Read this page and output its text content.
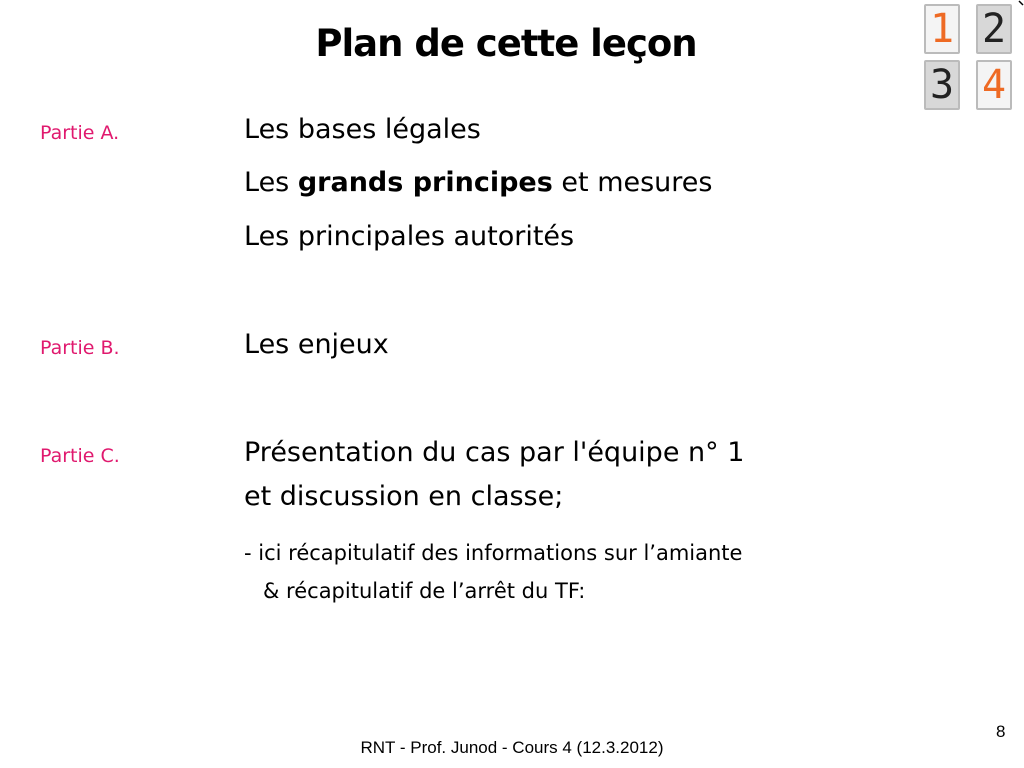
Plan de cette leçon	1 2
3 4
Partie A.	Les bases légales
Les grands principes et mesures
Les principales autorités
Partie B.	Les enjeux
Partie C.	Présentation du cas par l'équipe n° 1
et discussion en classe;
- ici récapitulatif des informations sur l’amiante
& récapitulatif de l’arrêt du TF:
RNT - Prof. Junod - Cours 4 (12.3.2012)
8
